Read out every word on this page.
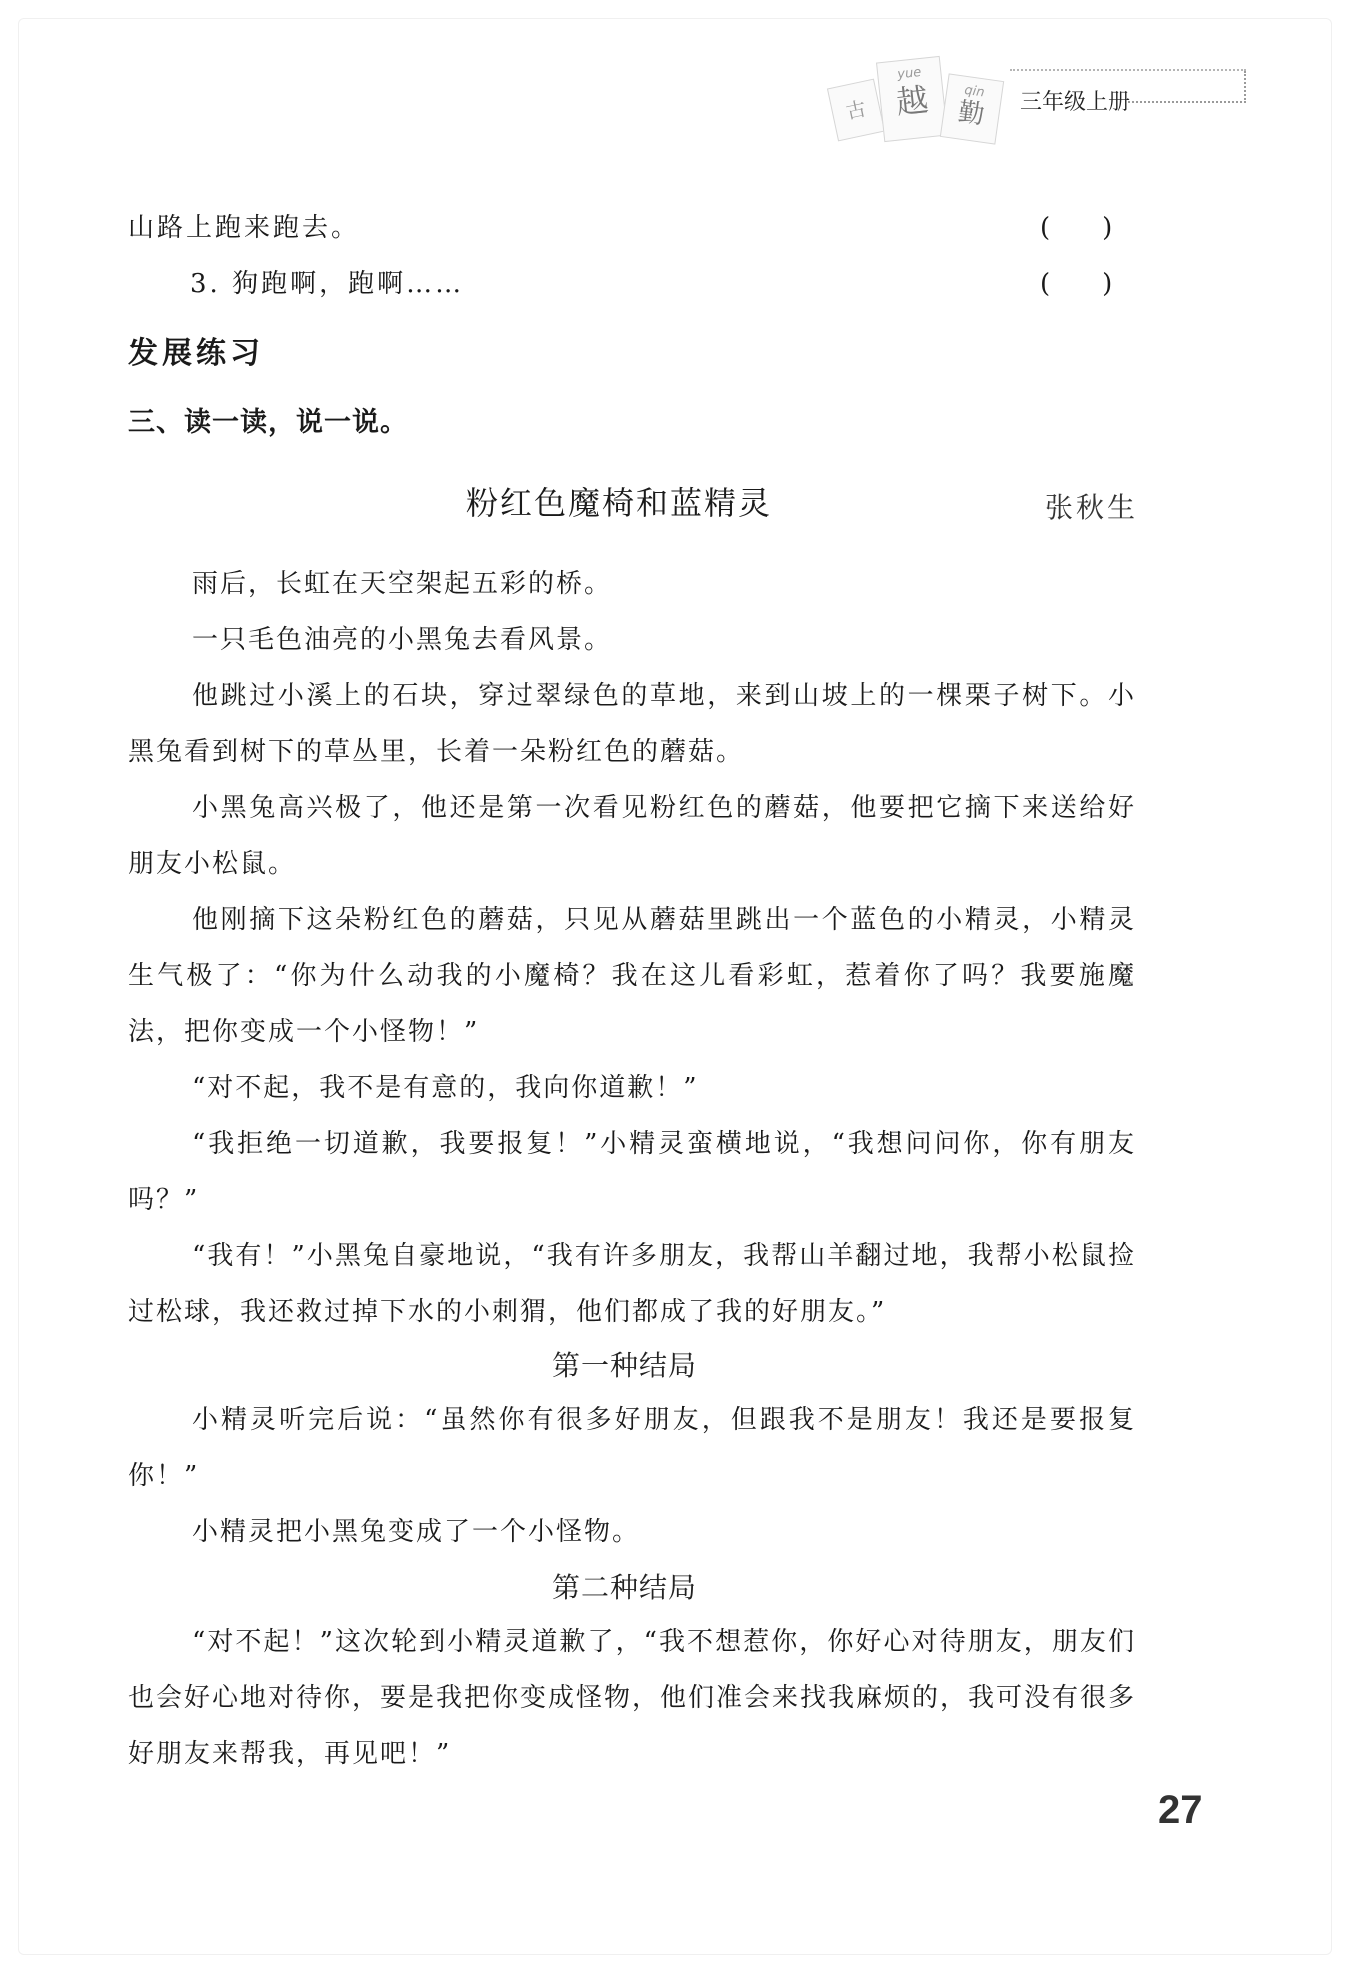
古
yue
越	qin
勤	三年级上册
山路上跑来跑去。	(　　)
3. 狗跑啊，跑啊……	(　　)
发展练习
三、读一读，说一说。
粉红色魔椅和蓝精灵	张秋生

雨后，长虹在天空架起五彩的桥。

一只毛色油亮的小黑兔去看风景。

他跳过小溪上的石块，穿过翠绿色的草地，来到山坡上的一棵栗子树下。小黑兔看到树下的草丛里，长着一朵粉红色的蘑菇。

小黑兔高兴极了，他还是第一次看见粉红色的蘑菇，他要把它摘下来送给好朋友小松鼠。

他刚摘下这朵粉红色的蘑菇，只见从蘑菇里跳出一个蓝色的小精灵，小精灵生气极了：“你为什么动我的小魔椅？我在这儿看彩虹，惹着你了吗？我要施魔法，把你变成一个小怪物！”

“对不起，我不是有意的，我向你道歉！”

“我拒绝一切道歉，我要报复！”小精灵蛮横地说，“我想问问你，你有朋友吗？”

“我有！”小黑兔自豪地说，“我有许多朋友，我帮山羊翻过地，我帮小松鼠捡过松球，我还救过掉下水的小刺猬，他们都成了我的好朋友。”

第一种结局

小精灵听完后说：“虽然你有很多好朋友，但跟我不是朋友！我还是要报复你！”

小精灵把小黑兔变成了一个小怪物。

第二种结局

“对不起！”这次轮到小精灵道歉了，“我不想惹你，你好心对待朋友，朋友们也会好心地对待你，要是我把你变成怪物，他们准会来找我麻烦的，我可没有很多好朋友来帮我，再见吧！”

27
